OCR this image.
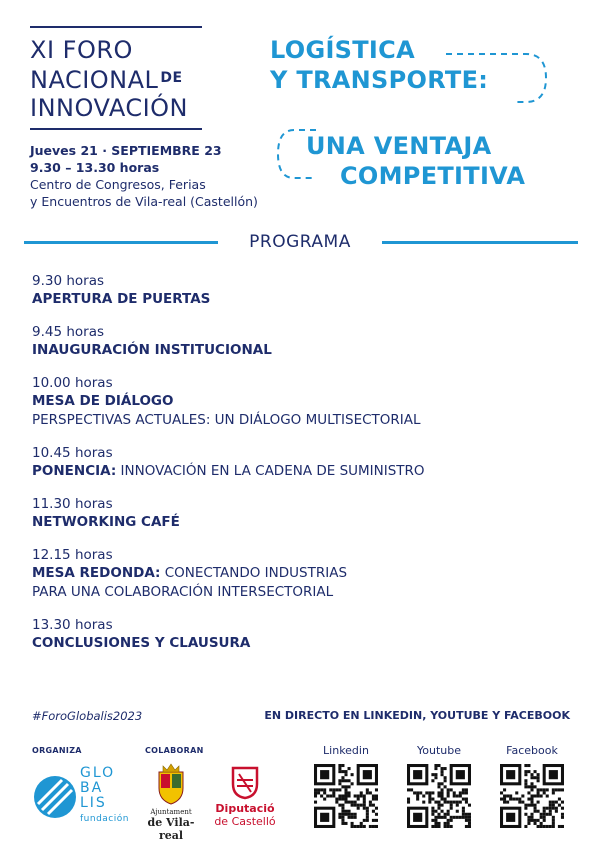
XI FORO
NACIONAL $^{DE}$
INNOVACIÓN
Jueves 21 · SEPTIEMBRE 23
9.30 – 13.30 horas
Centro de Congresos, Ferias
y Encuentros de Vila-real (Castellón)
LOGÍSTICA
Y TRANSPORTE:
UNA VENTAJA
COMPETITIVA
PROGRAMA
9.30 horas
APERTURA DE PUERTAS
9.45 horas
INAUGURACIÓN INSTITUCIONAL
10.00 horas
MESA DE DIÁLOGO
PERSPECTIVAS ACTUALES: UN DIÁLOGO MULTISECTORIAL
10.45 horas
PONENCIA: INNOVACIÓN EN LA CADENA DE SUMINISTRO
11.30 horas
NETWORKING CAFÉ
12.15 horas
MESA REDONDA: CONECTANDO INDUSTRIAS
PARA UNA COLABORACIÓN INTERSECTORIAL
13.30 horas
CONCLUSIONES Y CLAUSURA
#ForoGlobalis2023	EN DIRECTO EN LINKEDIN, YOUTUBE Y FACEBOOK
ORGANIZA	COLABORAN
GLO
BA
LIS
fundación
Ajuntament
de Vila-real
Diputació
de Castelló
Linkedin	Youtube	Facebook
